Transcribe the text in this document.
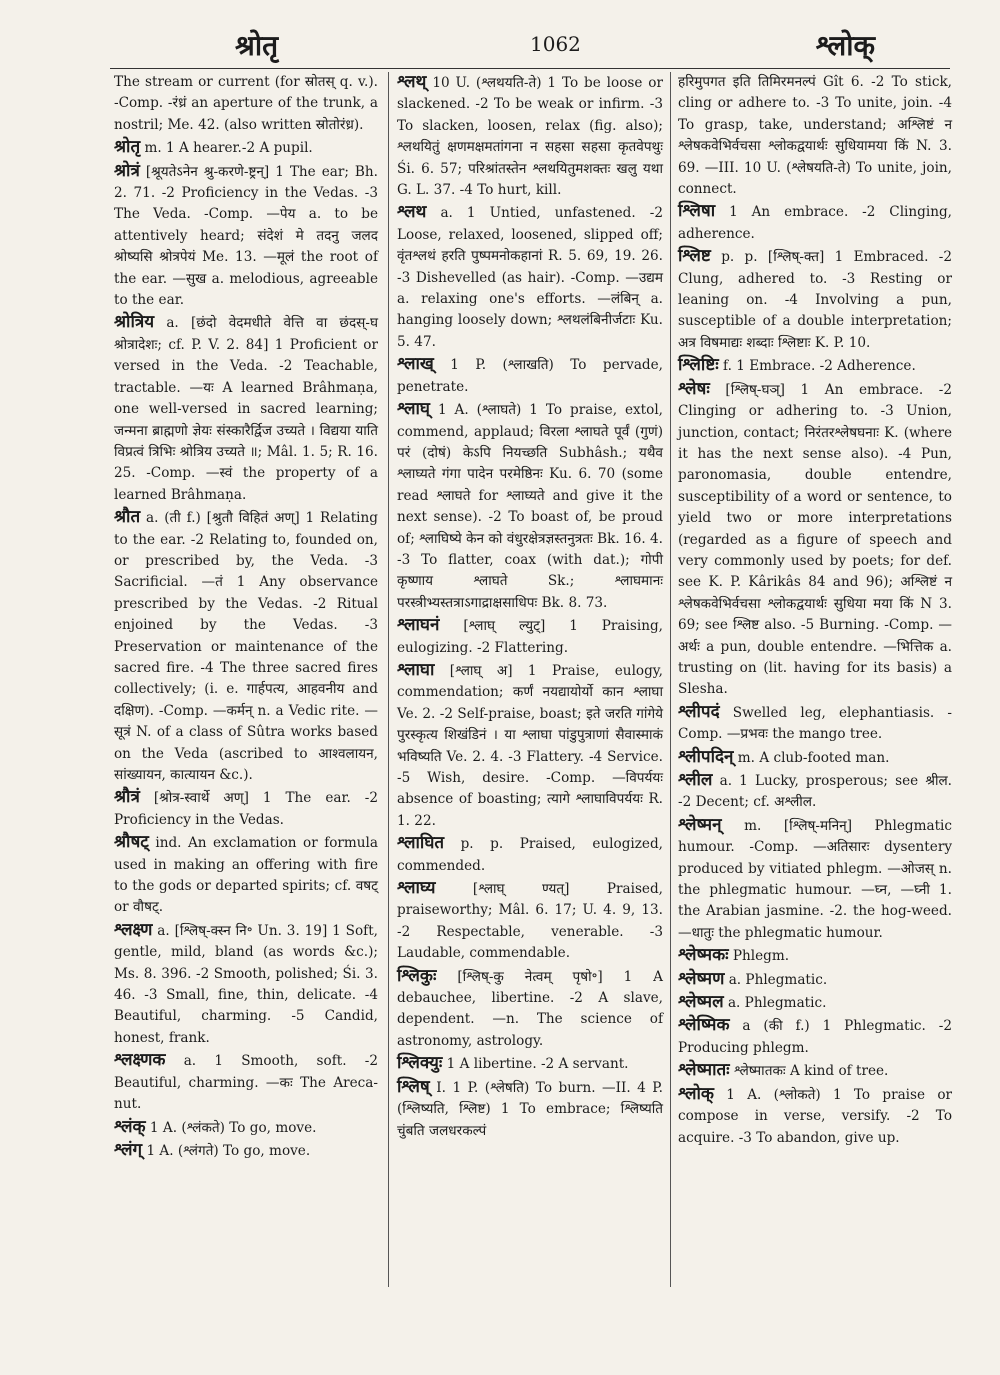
श्रोतृ	1062	श्लोक्
The stream or current (for स्रोतस् q. v.). -Comp. -रंध्रं an aperture of the trunk, a nostril; Me. 42. (also written स्रोतोरंध्र).
श्रोतृ m. 1 A hearer.-2 A pupil.
श्रोत्रं [श्रूयतेऽनेन श्रु-करणे-ष्ट्रन्] 1 The ear; Bh. 2. 71. -2 Proficiency in the Vedas. -3 The Veda. -Comp. —पेय a. to be attentively heard; संदेशं मे तदनु जलद श्रोष्यसि श्रोत्रपेयं Me. 13. —मूलं the root of the ear. —सुख a. melodious, agreeable to the ear.
श्रोत्रिय a. [छंदो वेदमधीते वेत्ति वा छंदस्-घ श्रोत्रादेशः; cf. P. V. 2. 84] 1 Proficient or versed in the Veda. -2 Teachable, tractable. —यः A learned Brâhmaṇa, one well-versed in sacred learning; जन्मना ब्राह्मणो ज्ञेयः संस्कारैर्द्विज उच्यते । विद्यया याति विप्रत्वं त्रिभिः श्रोत्रिय उच्यते ॥; Mâl. 1. 5; R. 16. 25. -Comp. —स्वं the property of a learned Brâhmaṇa.
श्रौत a. (ती f.) [श्रुतौ विहितं अण्] 1 Relating to the ear. -2 Relating to, founded on, or prescribed by, the Veda. -3 Sacrificial. —तं 1 Any observance prescribed by the Vedas. -2 Ritual enjoined by the Vedas. -3 Preservation or maintenance of the sacred fire. -4 The three sacred fires collectively; (i. e. गार्हपत्य, आहवनीय and दक्षिण). -Comp. —कर्मन् n. a Vedic rite. —सूत्रं N. of a class of Sûtra works based on the Veda (ascribed to आश्वलायन, सांख्यायन, कात्यायन &c.).
श्रौत्रं [श्रोत्र-स्वार्थे अण्] 1 The ear. -2 Proficiency in the Vedas.
श्रौषट् ind. An exclamation or formula used in making an offering with fire to the gods or departed spirits; cf. वषट् or वौषट्.
श्लक्ष्ण a. [श्लिष्-क्स्न नि॰ Un. 3. 19] 1 Soft, gentle, mild, bland (as words &c.); Ms. 8. 396. -2 Smooth, polished; Śi. 3. 46. -3 Small, fine, thin, delicate. -4 Beautiful, charming. -5 Candid, honest, frank.
श्लक्ष्णक a. 1 Smooth, soft. -2 Beautiful, charming. —कः The Areca-nut.
श्लंक् 1 A. (श्लंकते) To go, move.
श्लंग् 1 A. (श्लंगते) To go, move.
श्लथ् 10 U. (श्लथयति-ते) 1 To be loose or slackened. -2 To be weak or infirm. -3 To slacken, loosen, relax (fig. also); श्लथयितुं क्षणमक्षमतांगना न सहसा सहसा कृतवेपथुः Śi. 6. 57; परिश्रांतस्तेन श्लथयितुमशक्तः खलु यथा G. L. 37. -4 To hurt, kill.
श्लथ a. 1 Untied, unfastened. -2 Loose, relaxed, loosened, slipped off; वृंतश्लथं हरति पुष्पमनोकहानां R. 5. 69, 19. 26. -3 Dishevelled (as hair). -Comp. —उद्यम a. relaxing one's efforts. —लंबिन् a. hanging loosely down; श्लथलंबिनीर्जटाः Ku. 5. 47.
श्लाख् 1 P. (श्लाखति) To pervade, penetrate.
श्लाघ् 1 A. (श्लाघते) 1 To praise, extol, commend, applaud; विरला श्लाघते पूर्वं (गुणं) परं (दोषं) केऽपि नियच्छति Subhâsh.; यथैव श्लाघ्यते गंगा पादेन परमेष्ठिनः Ku. 6. 70 (some read श्लाघते for श्लाघ्यते and give it the next sense). -2 To boast of, be proud of; श्लाघिष्ये केन को वंधुरक्षेत्रज्ञस्तनुत्रतः Bk. 16. 4. -3 To flatter, coax (with dat.); गोपी कृष्णाय श्लाघते Sk.; श्लाघमानः परस्त्रीभ्यस्तत्राऽगाद्राक्षसाधिपः Bk. 8. 73.
श्लाघनं [श्लाघ् ल्युट्] 1 Praising, eulogizing. -2 Flattering.
श्लाघा [श्लाघ् अ] 1 Praise, eulogy, commendation; कर्णं नयद्यायोर्यो कान श्लाघा Ve. 2. -2 Self-praise, boast; इते जरति गांगेये पुरस्कृत्य शिखंडिनं । या श्लाघा पांडुपुत्राणां सैवास्माकं भविष्यति Ve. 2. 4. -3 Flattery. -4 Service. -5 Wish, desire. -Comp. —विपर्ययः absence of boasting; त्यागे श्लाघाविपर्ययः R. 1. 22.
श्लाघित p. p. Praised, eulogized, commended.
श्लाघ्य	[श्लाघ् ण्यत्] Praised, praiseworthy; Mâl. 6. 17; U. 4. 9, 13. -2 Respectable, venerable. -3 Laudable, commendable.
श्लिकुः [श्लिष्-कु नेत्वम् पृषो॰] 1 A debauchee, libertine. -2 A slave, dependent. —n. The science of astronomy, astrology.
श्लिक्युः 1 A libertine. -2 A servant.
श्लिष् I. 1 P. (श्लेषति) To burn. —II. 4 P. (श्लिष्यति, श्लिष्ट) 1 To embrace; श्लिष्यति चुंबति जलधरकल्पं
हरिमुपगत इति तिमिरमनल्पं Gît 6. -2 To stick, cling or adhere to. -3 To unite, join. -4 To grasp, take, understand; अश्लिष्टं न श्लेषकवेभिर्वचसा श्लोकद्वयार्थः सुधियामया किं N. 3. 69. —III. 10 U. (श्लेषयति-ते) To unite, join, connect.
श्लिषा 1 An embrace. -2 Clinging, adherence.
श्लिष्ट p. p. [श्लिष्-क्त] 1 Embraced. -2 Clung, adhered to. -3 Resting or leaning on. -4 Involving a pun, susceptible of a double interpretation; अत्र विषमाद्यः शब्दाः श्लिष्टाः K. P. 10.
श्लिष्टिः f. 1 Embrace. -2 Adherence.
श्लेषः [श्लिष्-घञ्] 1 An embrace. -2 Clinging or adhering to. -3 Union, junction, contact; निरंतरश्लेषघनाः K. (where it has the next sense also). -4 Pun, paronomasia, double entendre, susceptibility of a word or sentence, to yield two or more interpretations (regarded as a figure of speech and very commonly used by poets; for def. see K. P. Kârikâs 84 and 96); अश्लिष्टं न श्लेषकवेभिर्वचसा श्लोकद्वयार्थः सुधिया मया किं N 3. 69; see श्लिष्ट also. -5 Burning. -Comp. —अर्थः a pun, double entendre. —भित्तिक a. trusting on (lit. having for its basis) a Slesha.
श्लीपदं Swelled leg, elephantiasis. -Comp. —प्रभवः the mango tree.
श्लीपदिन् m. A club-footed man.
श्लील a. 1 Lucky, prosperous; see श्रील. -2 Decent; cf. अश्लील.
श्लेष्मन् m. [श्लिष्-मनिन्] Phlegmatic humour. -Comp. —अतिसारः dysentery produced by vitiated phlegm. —ओजस् n. the phlegmatic humour. —घ्न, —घ्नी 1. the Arabian jasmine. -2. the hog-weed. —धातुः the phlegmatic humour.
श्लेष्मकः Phlegm.
श्लेष्मण a. Phlegmatic.
श्लेष्मल a. Phlegmatic.
श्लेष्मिक a (की f.) 1 Phlegmatic. -2 Producing phlegm.
श्लेष्मातः श्लेष्मातकः A kind of tree.
श्लोक् 1 A. (श्लोकते) 1 To praise or compose in verse, versify. -2 To acquire. -3 To abandon, give up.
